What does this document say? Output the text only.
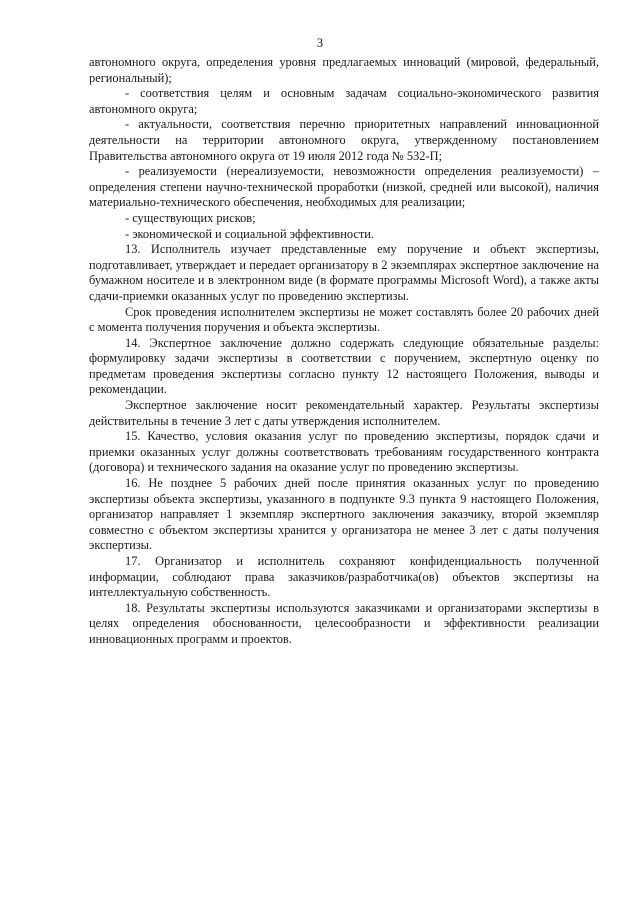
3

автономного округа, определения уровня предлагаемых инноваций (мировой, федеральный, региональный);

- соответствия целям и основным задачам социально-экономического развития автономного округа;

- актуальности, соответствия перечню приоритетных направлений инновационной деятельности на территории автономного округа, утвержденному постановлением Правительства автономного округа от 19 июля 2012 года № 532-П;

- реализуемости (нереализуемости, невозможности определения реализуемости) – определения степени научно-технической проработки (низкой, средней или высокой), наличия материально-технического обеспечения, необходимых для реализации;

- существующих рисков;

- экономической и социальной эффективности.

13. Исполнитель изучает представленные ему поручение и объект экспертизы, подготавливает, утверждает и передает организатору в 2 экземплярах экспертное заключение на бумажном носителе и в электронном виде (в формате программы Microsoft Word), а также акты сдачи-приемки оказанных услуг по проведению экспертизы.

Срок проведения исполнителем экспертизы не может составлять более 20 рабочих дней с момента получения поручения и объекта экспертизы.

14. Экспертное заключение должно содержать следующие обязательные разделы: формулировку задачи экспертизы в соответствии с поручением, экспертную оценку по предметам проведения экспертизы согласно пункту 12 настоящего Положения, выводы и рекомендации.

Экспертное заключение носит рекомендательный характер. Результаты экспертизы действительны в течение 3 лет с даты утверждения исполнителем.

15. Качество, условия оказания услуг по проведению экспертизы, порядок сдачи и приемки оказанных услуг должны соответствовать требованиям государственного контракта (договора) и технического задания на оказание услуг по проведению экспертизы.

16. Не позднее 5 рабочих дней после принятия оказанных услуг по проведению экспертизы объекта экспертизы, указанного в подпункте 9.3 пункта 9 настоящего Положения, организатор направляет 1 экземпляр экспертного заключения заказчику, второй экземпляр совместно с объектом экспертизы хранится у организатора не менее 3 лет с даты получения экспертизы.

17. Организатор и исполнитель сохраняют конфиденциальность полученной информации, соблюдают права заказчиков/разработчика(ов) объектов экспертизы на интеллектуальную собственность.

18. Результаты экспертизы используются заказчиками и организаторами экспертизы в целях определения обоснованности, целесообразности и эффективности реализации инновационных программ и проектов.
